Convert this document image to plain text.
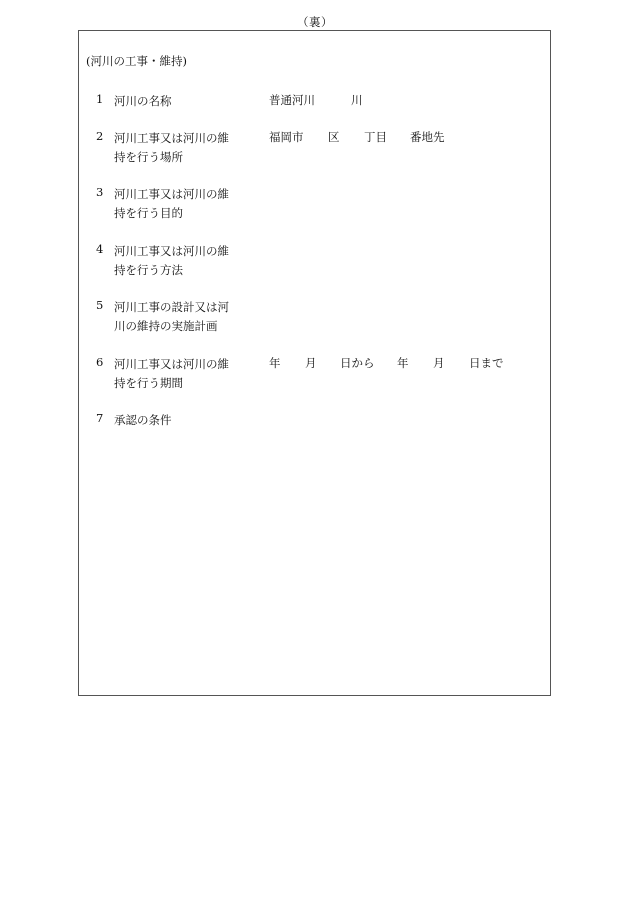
（裏）
(河川の工事・維持)
1 河川の名称	普通河川	川
2 河川工事又は河川の維
持を行う場所
福岡市 区 丁目 番地先
3 河川工事又は河川の維
持を行う目的
4 河川工事又は河川の維
持を行う方法
5 河川工事の設計又は河
川の維持の実施計画
6 河川工事又は河川の維
持を行う期間
年 月 日から 年 月 日まで
7 承認の条件
